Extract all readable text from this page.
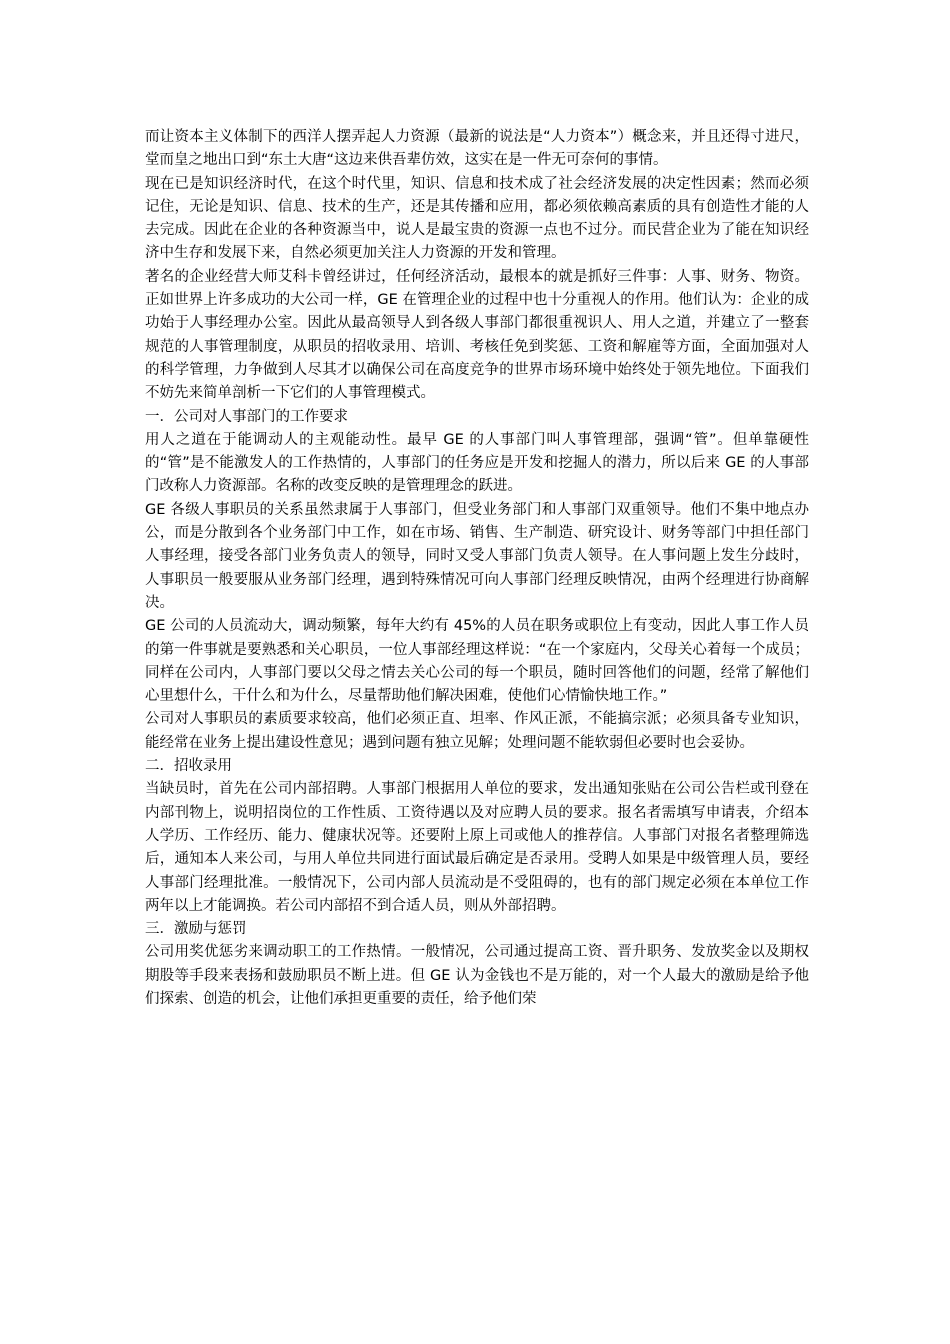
而让资本主义体制下的西洋人摆弄起人力资源（最新的说法是“人力资本”）概念来，并且还得寸进尺，堂而皇之地出口到“东土大唐“这边来供吾辈仿效，这实在是一件无可奈何的事情。

现在已是知识经济时代，在这个时代里，知识、信息和技术成了社会经济发展的决定性因素；然而必须记住，无论是知识、信息、技术的生产，还是其传播和应用，都必须依赖高素质的具有创造性才能的人去完成。因此在企业的各种资源当中，说人是最宝贵的资源一点也不过分。而民营企业为了能在知识经济中生存和发展下来，自然必须更加关注人力资源的开发和管理。

著名的企业经营大师艾科卡曾经讲过，任何经济活动，最根本的就是抓好三件事：人事、财务、物资。正如世界上许多成功的大公司一样，GE 在管理企业的过程中也十分重视人的作用。他们认为：企业的成功始于人事经理办公室。因此从最高领导人到各级人事部门都很重视识人、用人之道，并建立了一整套规范的人事管理制度，从职员的招收录用、培训、考核任免到奖惩、工资和解雇等方面，全面加强对人的科学管理，力争做到人尽其才以确保公司在高度竞争的世界市场环境中始终处于领先地位。下面我们不妨先来简单剖析一下它们的人事管理模式。

一．公司对人事部门的工作要求

用人之道在于能调动人的主观能动性。最早 GE 的人事部门叫人事管理部，强调“管”。但单靠硬性的“管”是不能激发人的工作热情的，人事部门的任务应是开发和挖掘人的潜力，所以后来 GE 的人事部门改称人力资源部。名称的改变反映的是管理理念的跃进。

GE 各级人事职员的关系虽然隶属于人事部门，但受业务部门和人事部门双重领导。他们不集中地点办公，而是分散到各个业务部门中工作，如在市场、销售、生产制造、研究设计、财务等部门中担任部门人事经理，接受各部门业务负责人的领导，同时又受人事部门负责人领导。在人事问题上发生分歧时，人事职员一般要服从业务部门经理，遇到特殊情况可向人事部门经理反映情况，由两个经理进行协商解决。

GE 公司的人员流动大，调动频繁，每年大约有 45%的人员在职务或职位上有变动，因此人事工作人员的第一件事就是要熟悉和关心职员，一位人事部经理这样说：“在一个家庭内，父母关心着每一个成员；同样在公司内，人事部门要以父母之情去关心公司的每一个职员，随时回答他们的问题，经常了解他们心里想什么，干什么和为什么，尽量帮助他们解决困难，使他们心情愉快地工作。”

公司对人事职员的素质要求较高，他们必须正直、坦率、作风正派，不能搞宗派；必须具备专业知识，能经常在业务上提出建设性意见；遇到问题有独立见解；处理问题不能软弱但必要时也会妥协。

二．招收录用

当缺员时，首先在公司内部招聘。人事部门根据用人单位的要求，发出通知张贴在公司公告栏或刊登在内部刊物上，说明招岗位的工作性质、工资待遇以及对应聘人员的要求。报名者需填写申请表，介绍本人学历、工作经历、能力、健康状况等。还要附上原上司或他人的推荐信。人事部门对报名者整理筛选后，通知本人来公司，与用人单位共同进行面试最后确定是否录用。受聘人如果是中级管理人员，要经人事部门经理批准。一般情况下，公司内部人员流动是不受阻碍的，也有的部门规定必须在本单位工作两年以上才能调换。若公司内部招不到合适人员，则从外部招聘。

三．激励与惩罚

公司用奖优惩劣来调动职工的工作热情。一般情况，公司通过提高工资、晋升职务、发放奖金以及期权期股等手段来表扬和鼓励职员不断上进。但 GE 认为金钱也不是万能的，对一个人最大的激励是给予他们探索、创造的机会，让他们承担更重要的责任，给予他们荣
